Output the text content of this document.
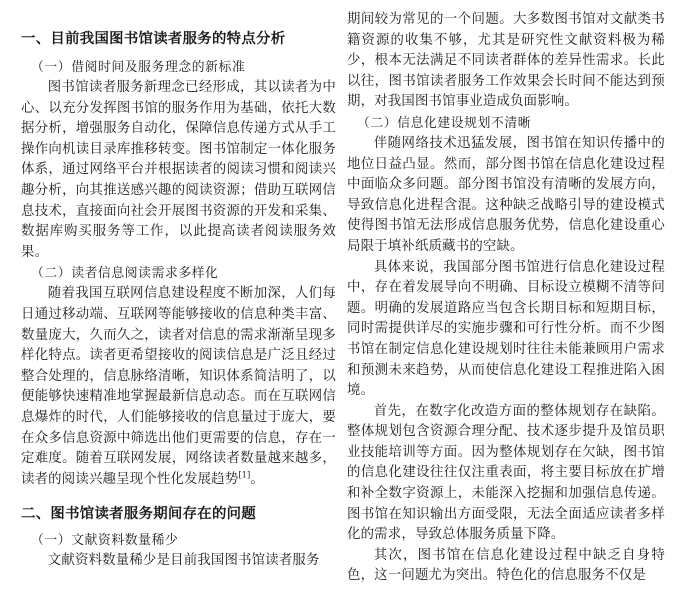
一、目前我国图书馆读者服务的特点分析
（一）借阅时间及服务理念的新标准

图书馆读者服务新理念已经形成，其以读者为中心、以充分发挥图书馆的服务作用为基础，依托大数据分析，增强服务自动化，保障信息传递方式从手工操作向机读目录库推移转变。图书馆制定一体化服务体系，通过网络平台并根据读者的阅读习惯和阅读兴趣分析，向其推送感兴趣的阅读资源；借助互联网信息技术，直接面向社会开展图书资源的开发和采集、数据库购买服务等工作，以此提高读者阅读服务效果。

（二）读者信息阅读需求多样化

随着我国互联网信息建设程度不断加深，人们每日通过移动端、互联网等能够接收的信息种类丰富、数量庞大，久而久之，读者对信息的需求渐渐呈现多样化特点。读者更希望接收的阅读信息是广泛且经过整合处理的，信息脉络清晰，知识体系简洁明了，以便能够快速精准地掌握最新信息动态。而在互联网信息爆炸的时代，人们能够接收的信息量过于庞大，要在众多信息资源中筛选出他们更需要的信息，存在一定难度。随着互联网发展，网络读者数量越来越多，读者的阅读兴趣呈现个性化发展趋势[1]。

二、图书馆读者服务期间存在的问题
（一）文献资料数量稀少

文献资料数量稀少是目前我国图书馆读者服务

期间较为常见的一个问题。大多数图书馆对文献类书籍资源的收集不够，尤其是研究性文献资料极为稀少，根本无法满足不同读者群体的差异性需求。长此以往，图书馆读者服务工作效果会长时间不能达到预期，对我国图书馆事业造成负面影响。

（二）信息化建设规划不清晰

伴随网络技术迅猛发展，图书馆在知识传播中的地位日益凸显。然而，部分图书馆在信息化建设过程中面临众多问题。部分图书馆没有清晰的发展方向，导致信息化进程含混。这种缺乏战略引导的建设模式使得图书馆无法形成信息服务优势，信息化建设重心局限于填补纸质藏书的空缺。

具体来说，我国部分图书馆进行信息化建设过程中，存在着发展导向不明确、目标设立模糊不清等问题。明确的发展道路应当包含长期目标和短期目标，同时需提供详尽的实施步骤和可行性分析。而不少图书馆在制定信息化建设规划时往往未能兼顾用户需求和预测未来趋势，从而使信息化建设工程推进陷入困境。

首先，在数字化改造方面的整体规划存在缺陷。整体规划包含资源合理分配、技术逐步提升及馆员职业技能培训等方面。因为整体规划存在欠缺，图书馆的信息化建设往往仅注重表面，将主要目标放在扩增和补全数字资源上，未能深入挖掘和加强信息传递。图书馆在知识输出方面受限，无法全面适应读者多样化的需求，导致总体服务质量下降。

其次，图书馆在信息化建设过程中缺乏自身特色，这一问题尤为突出。特色化的信息服务不仅是
